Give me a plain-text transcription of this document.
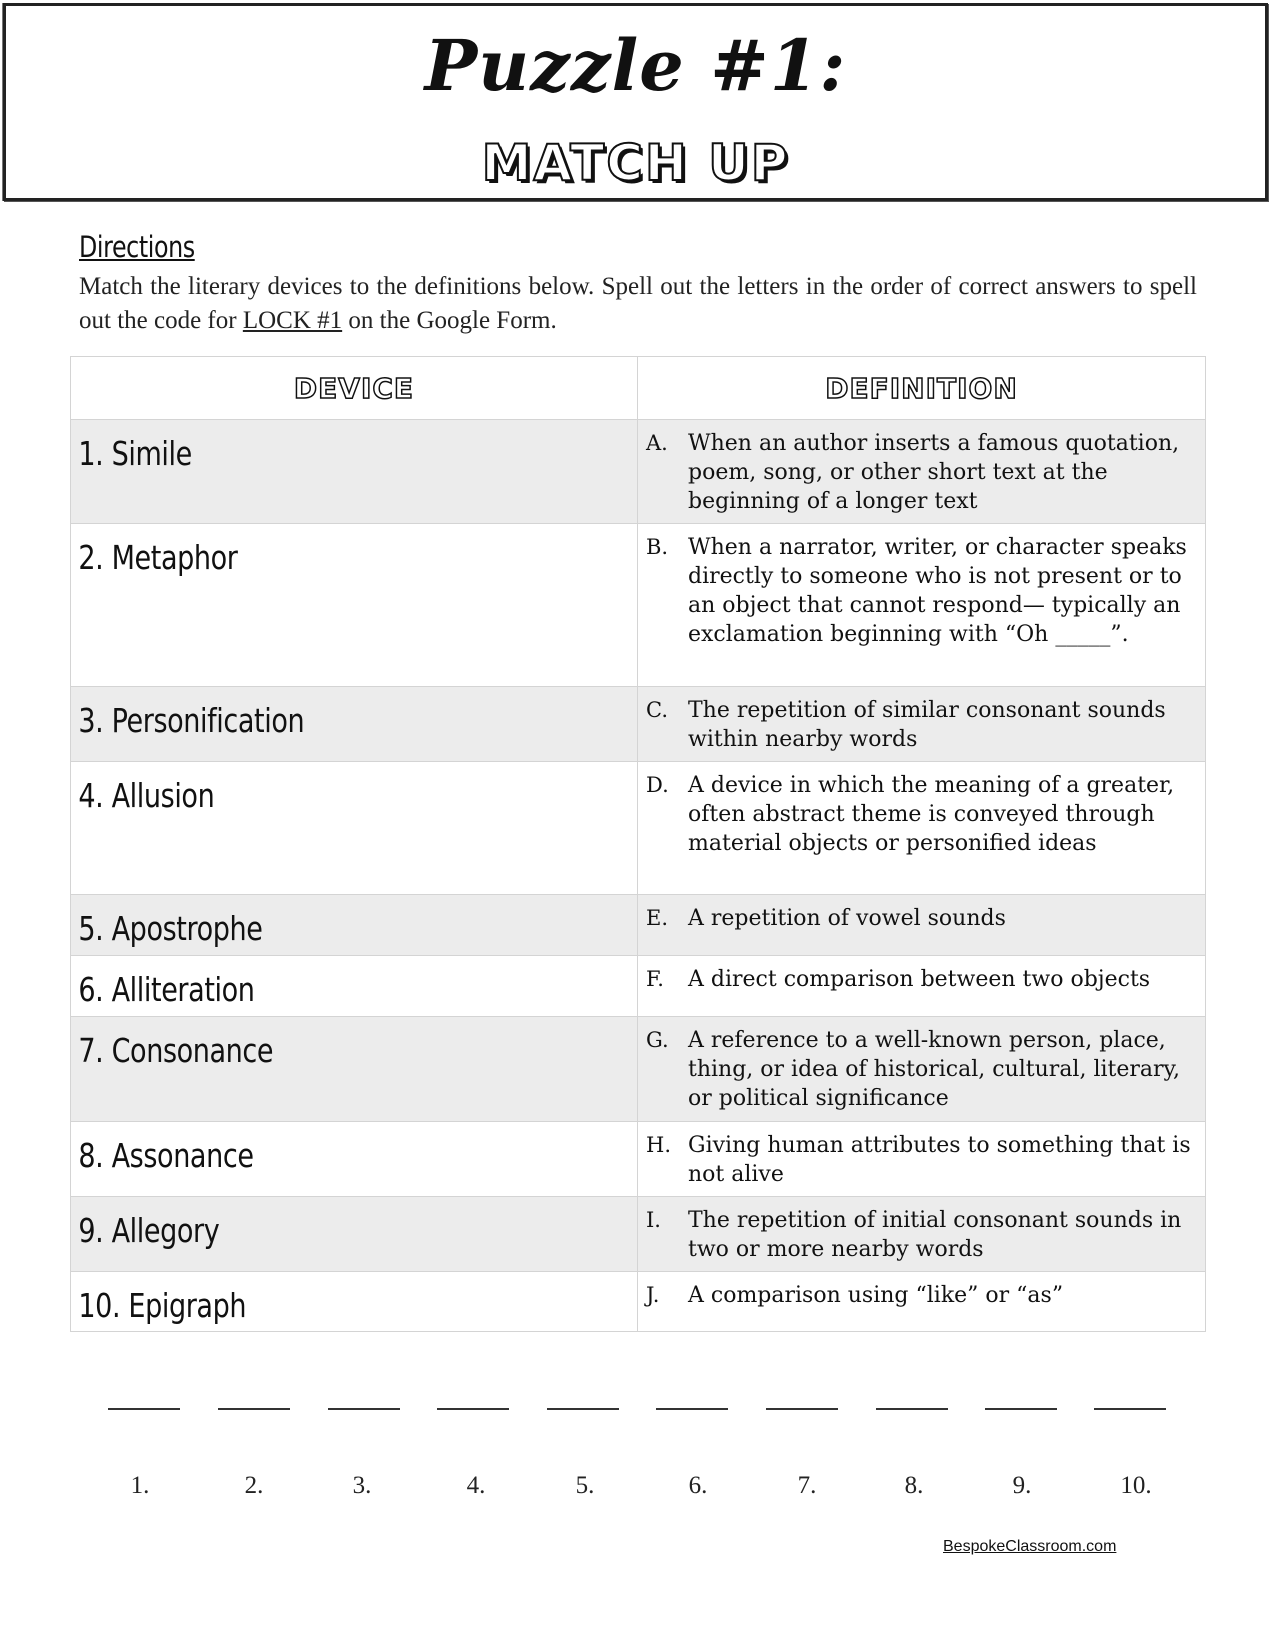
Puzzle #1:
MATCH UP
Directions
Match the literary devices to the definitions below. Spell out the letters in the order of correct answers to spell out the code for LOCK #1 on the Google Form.
DEVICE	DEFINITION

1. Simile	A. When an author inserts a famous quotation, poem, song, or other short text at the beginning of a longer text

2. Metaphor	B. When a narrator, writer, or character speaks directly to someone who is not present or to an object that cannot respond— typically an exclamation beginning with “Oh _____”.

3. Personification	C. The repetition of similar consonant sounds within nearby words

4. Allusion	D. A device in which the meaning of a greater, often abstract theme is conveyed through material objects or personified ideas

5. Apostrophe	E. A repetition of vowel sounds

6. Alliteration	F. A direct comparison between two objects

7. Consonance	G. A reference to a well-known person, place, thing, or idea of historical, cultural, literary, or political significance

8. Assonance	H. Giving human attributes to something that is not alive

9. Allegory	I. The repetition of initial consonant sounds in two or more nearby words

10. Epigraph	J. A comparison using “like” or “as”
1.	2.	3.	4.	5.	6.	7.	8.	9.	10.
BespokeClassroom.com
